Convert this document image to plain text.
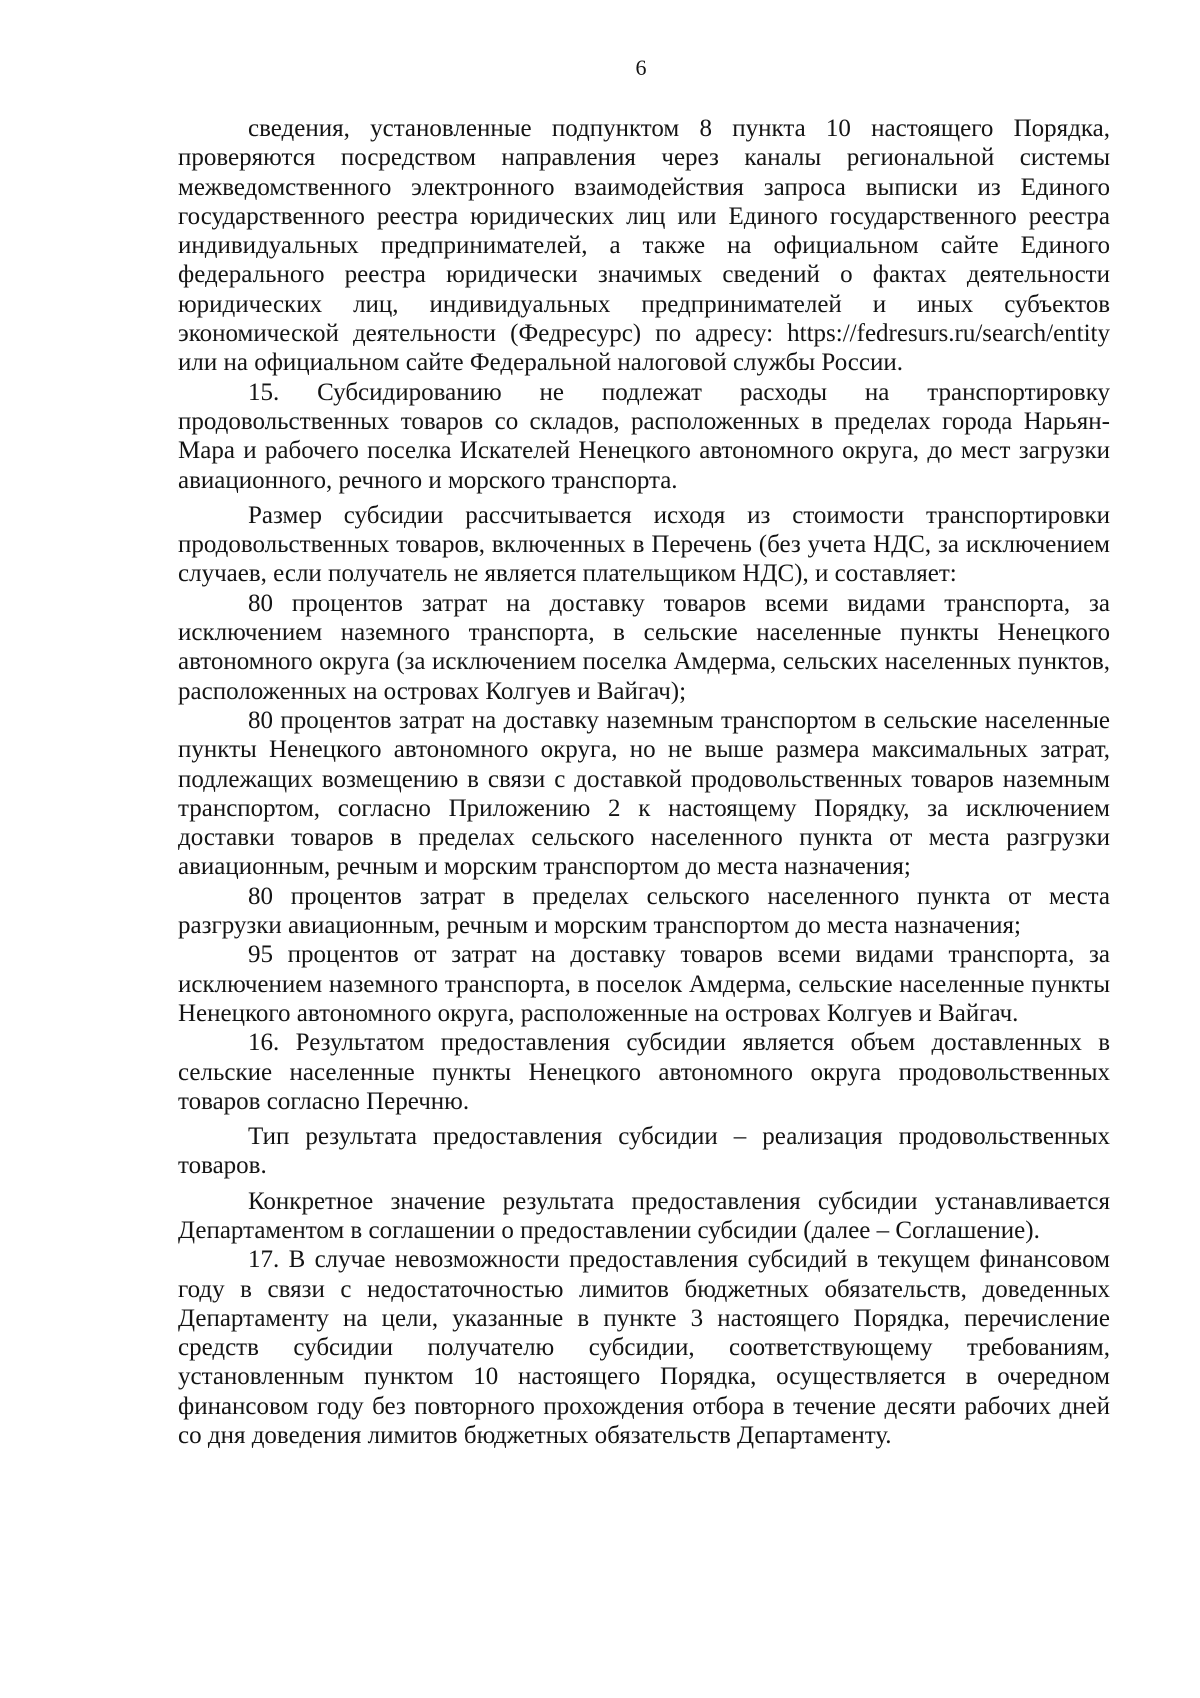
6

сведения, установленные подпунктом 8 пункта 10 настоящего Порядка, проверяются посредством направления через каналы региональной системы межведомственного электронного взаимодействия запроса выписки из Единого государственного реестра юридических лиц или Единого государственного реестра индивидуальных предпринимателей, а также на официальном сайте Единого федерального реестра юридически значимых сведений о фактах деятельности юридических лиц, индивидуальных предпринимателей и иных субъектов экономической деятельности (Федресурс) по адресу: https://fedresurs.ru/search/entity или на официальном сайте Федеральной налоговой службы России.

15. Субсидированию не подлежат расходы на транспортировку продовольственных товаров со складов, расположенных в пределах города Нарьян-Мара и рабочего поселка Искателей Ненецкого автономного округа, до мест загрузки авиационного, речного и морского транспорта.

Размер субсидии рассчитывается исходя из стоимости транспортировки продовольственных товаров, включенных в Перечень (без учета НДС, за исключением случаев, если получатель не является плательщиком НДС), и составляет:

80 процентов затрат на доставку товаров всеми видами транспорта, за исключением наземного транспорта, в сельские населенные пункты Ненецкого автономного округа (за исключением поселка Амдерма, сельских населенных пунктов, расположенных на островах Колгуев и Вайгач);

80 процентов затрат на доставку наземным транспортом в сельские населенные пункты Ненецкого автономного округа, но не выше размера максимальных затрат, подлежащих возмещению в связи с доставкой продовольственных товаров наземным транспортом, согласно Приложению 2 к настоящему Порядку, за исключением доставки товаров в пределах сельского населенного пункта от места разгрузки авиационным, речным и морским транспортом до места назначения;

80 процентов затрат в пределах сельского населенного пункта от места разгрузки авиационным, речным и морским транспортом до места назначения;

95 процентов от затрат на доставку товаров всеми видами транспорта, за исключением наземного транспорта, в поселок Амдерма, сельские населенные пункты Ненецкого автономного округа, расположенные на островах Колгуев и Вайгач.

16. Результатом предоставления субсидии является объем доставленных в сельские населенные пункты Ненецкого автономного округа продовольственных товаров согласно Перечню.

Тип результата предоставления субсидии – реализация продовольственных товаров.

Конкретное значение результата предоставления субсидии устанавливается Департаментом в соглашении о предоставлении субсидии (далее – Соглашение).

17. В случае невозможности предоставления субсидий в текущем финансовом году в связи с недостаточностью лимитов бюджетных обязательств, доведенных Департаменту на цели, указанные в пункте 3 настоящего Порядка, перечисление средств субсидии получателю субсидии, соответствующему требованиям, установленным пунктом 10 настоящего Порядка, осуществляется в очередном финансовом году без повторного прохождения отбора в течение десяти рабочих дней со дня доведения лимитов бюджетных обязательств Департаменту.
